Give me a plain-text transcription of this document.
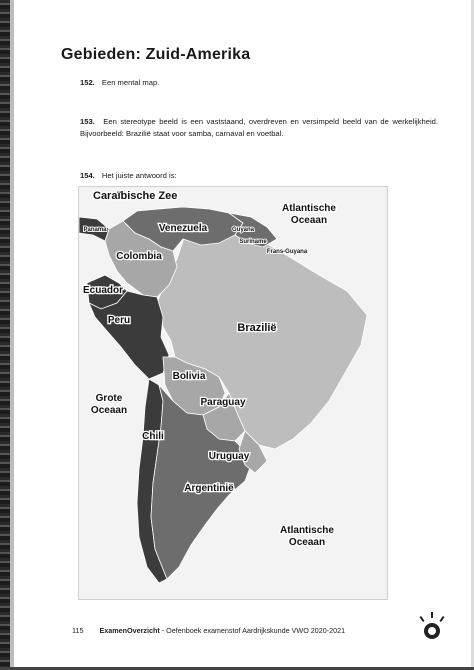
Gebieden: Zuid-Amerika
152. Een mental map.
153. Een stereotype beeld is een vaststaand, overdreven en versimpeld beeld van de werkelijkheid. Bijvoorbeeld: Brazilië staat voor samba, carnaval en voetbal.
154. Het juiste antwoord is:
Caraïbische Zee
Atlantische
Oceaan
Grote
Oceaan
Atlantische
Oceaan
Venezuela
Colombia
Guyana
Suriname
Frans-Guyana
Panama
Ecuador
Peru
Brazilië
Bolivia
Paraguay
Chili
Uruguay
Argentinië
115 ExamenOverzicht - Oefenboek examenstof Aardrijkskunde VWO 2020-2021
